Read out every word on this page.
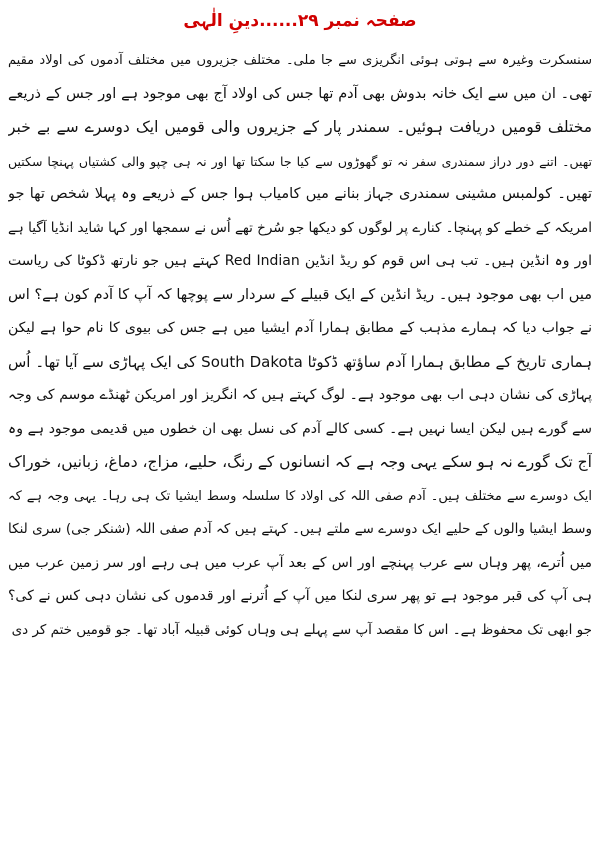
صفحہ نمبر ۲۹......دینِ الٰہی
سنسکرت وغیرہ سے ہوتی ہوئی انگریزی سے جا ملی۔ مختلف جزیروں میں مختلف آدموں کی اولاد مقیم
تھی۔ ان میں سے ایک خانہ بدوش بھی آدم تھا جس کی اولاد آج بھی موجود ہے اور جس کے ذریعے
مختلف قومیں دریافت ہوئیں۔ سمندر پار کے جزیروں والی قومیں ایک دوسرے سے بے خبر
تھیں۔ اتنے دور دراز سمندری سفر نہ تو گھوڑوں سے کیا جا سکتا تھا اور نہ ہی چپو والی کشتیاں پہنچا سکتیں
تھیں۔ کولمبس مشینی سمندری جہاز بنانے میں کامیاب ہوا جس کے ذریعے وہ پہلا شخص تھا جو
امریکہ کے خطے کو پہنچا۔ کنارے پر لوگوں کو دیکھا جو سُرخ تھے اُس نے سمجھا اور کہا شاید انڈیا آگیا ہے
اور وہ انڈین ہیں۔ تب ہی اس قوم کو ریڈ انڈین Red Indian کہتے ہیں جو نارتھ ڈکوٹا کی ریاست
میں اب بھی موجود ہیں۔ ریڈ انڈین کے ایک قبیلے کے سردار سے پوچھا کہ آپ کا آدم کون ہے؟ اس
نے جواب دیا کہ ہمارے مذہب کے مطابق ہمارا آدم ایشیا میں ہے جس کی بیوی کا نام حوا ہے لیکن
ہماری تاریخ کے مطابق ہمارا آدم ساؤتھ ڈکوٹا South Dakota کی ایک پہاڑی سے آیا تھا۔ اُس
پہاڑی کی نشان دہی اب بھی موجود ہے۔ لوگ کہتے ہیں کہ انگریز اور امریکن ٹھنڈے موسم کی وجہ
سے گورے ہیں لیکن ایسا نہیں ہے۔ کسی کالے آدم کی نسل بھی ان خطوں میں قدیمی موجود ہے وہ
آج تک گورے نہ ہو سکے یہی وجہ ہے کہ انسانوں کے رنگ، حلیے، مزاج، دماغ، زبانیں، خوراک
ایک دوسرے سے مختلف ہیں۔ آدم صفی اللہ کی اولاد کا سلسلہ وسط ایشیا تک ہی رہا۔ یہی وجہ ہے کہ
وسط ایشیا والوں کے حلیے ایک دوسرے سے ملتے ہیں۔ کہتے ہیں کہ آدم صفی اللہ (شنکر جی) سری لنکا
میں اُترے، پھر وہاں سے عرب پہنچے اور اس کے بعد آپ عرب میں ہی رہے اور سر زمین عرب میں
ہی آپ کی قبر موجود ہے تو پھر سری لنکا میں آپ کے اُترنے اور قدموں کی نشان دہی کس نے کی؟
جو ابھی تک محفوظ ہے۔ اس کا مقصد آپ سے پہلے ہی وہاں کوئی قبیلہ آباد تھا۔ جو قومیں ختم کر دی
